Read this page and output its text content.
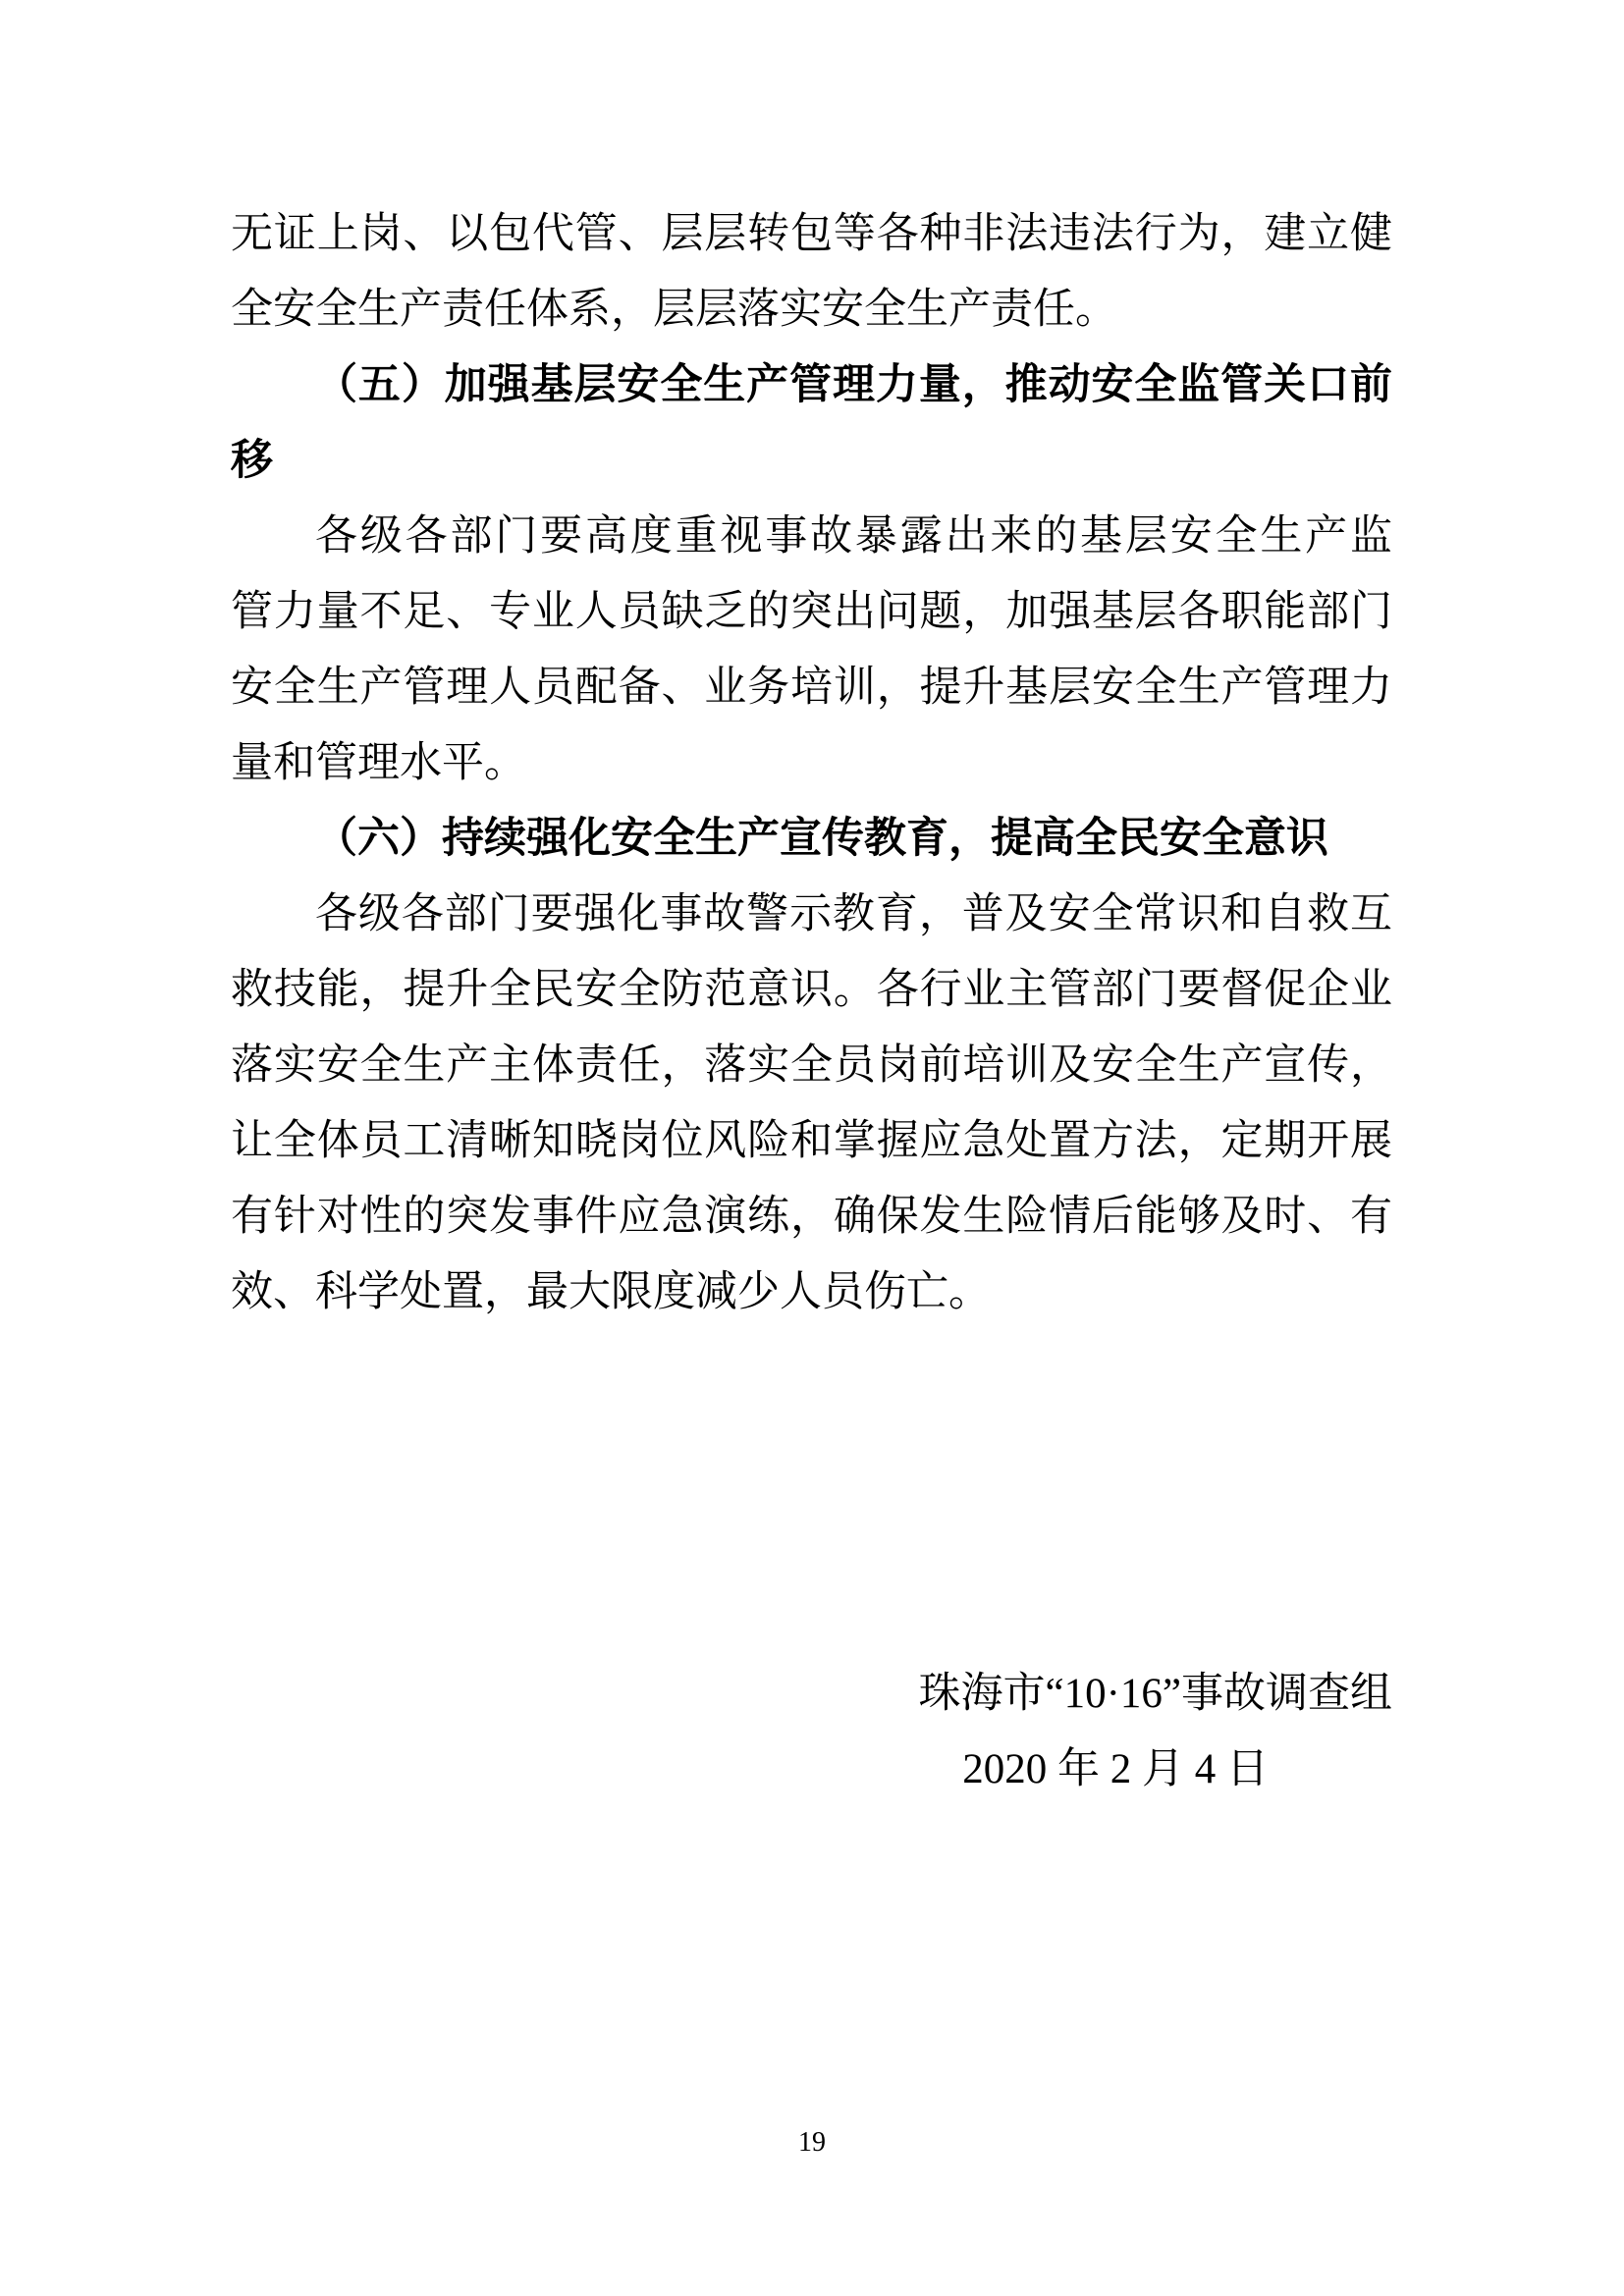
无证上岗、以包代管、层层转包等各种非法违法行为，建立健
全安全生产责任体系，层层落实安全生产责任。
（五）加强基层安全生产管理力量，推动安全监管关口前
移
各级各部门要高度重视事故暴露出来的基层安全生产监
管力量不足、专业人员缺乏的突出问题，加强基层各职能部门
安全生产管理人员配备、业务培训，提升基层安全生产管理力
量和管理水平。
（六）持续强化安全生产宣传教育，提高全民安全意识
各级各部门要强化事故警示教育，普及安全常识和自救互
救技能，提升全民安全防范意识。各行业主管部门要督促企业
落实安全生产主体责任，落实全员岗前培训及安全生产宣传，
让全体员工清晰知晓岗位风险和掌握应急处置方法，定期开展
有针对性的突发事件应急演练，确保发生险情后能够及时、有
效、科学处置，最大限度减少人员伤亡。
珠海市“10·16”事故调查组
2020 年 2 月 4 日
19
